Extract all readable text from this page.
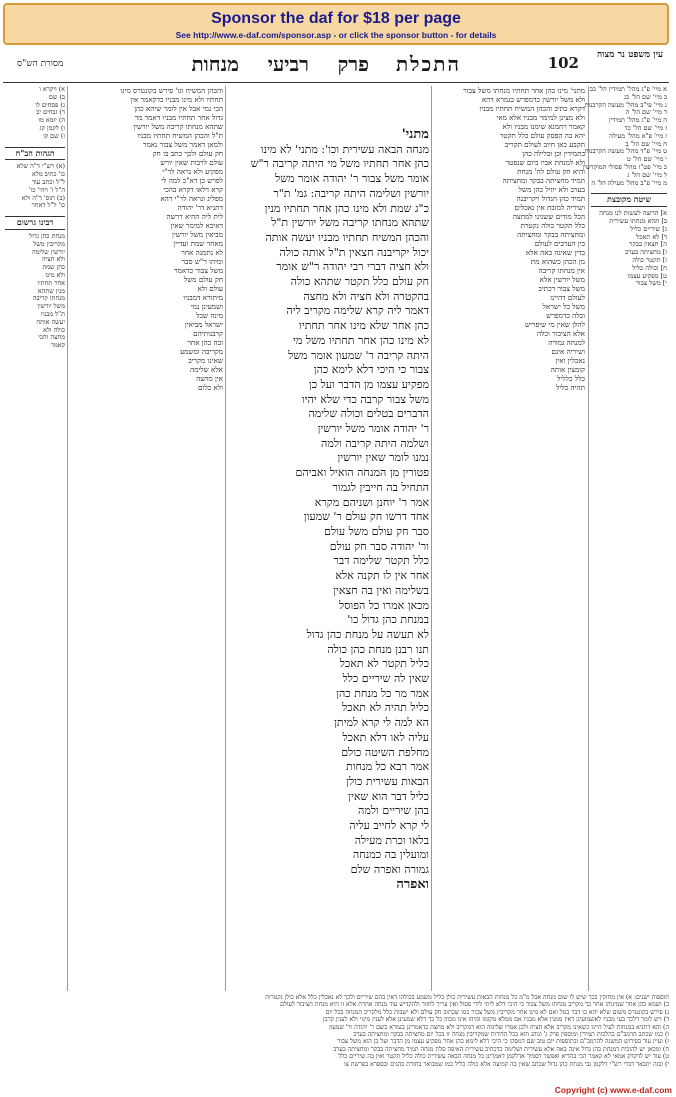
Sponsor the daf for $18 per page
See http://www.e-daf.com/sponsor.asp - or click the sponsor button - for details
עין משפט נר מצוה
102
התכלת
פרק
רביעי
מנחות
מסורת הש"ס
א מיי' פ"ג מהל' תמידין הל' כב
ב מיי' שם הל' כג
ג מיי' פי"ב מהל' מעשה הקרבנות
ד מיי' שם הל' ה
ה מיי' פ"ג מהל' תמידין
ו מיי' שם הל' כד
ז מיי' פ"א מהל' מעילה
ח מיי' שם הל' ב
ט מיי' פ"ד מהל' מעשה הקרבנות
י מיי' שם הל' ט
כ מיי' פט"ז מהל' פסולי המוקדשין
ל מיי' שם הל' ג
מ מיי' פ"ב מהל' מעילה הל' ה
שיטה מקובצת
א] הרוצה לעשות לנו מנחה
ב] תהא מנחתו עשירית
ג] שיריים כליל
ד] לא תאכל
ה] חצאין בבקר
ו] מחציתה בערב
ז] תקטר כולה
ח] וכולה כליל
ט] מפקיע עצמו
י] משל צבור
מתני' מינו כהן אחר תחתיו מנחתו משל צבור
ולא משל יורשין כדמפרש בגמרא דהא
דקרא כתיב והכהן המשיח תחתיו מבניו
ולא מצינן למימר מבניו אלא מאי
קאמר רחמנא שימנו מבניו ולא
יהא בה הפסק עולם כלל תקטר
תקבע כאן חיוב לעולם תקריב
בתמידין וכן ובלילה כהן
ולא למנחת אביו ביום שנפטר
והיא חק עולם לה' מנחת
תמיד מחציתה בבקר ומחציתה
בערב ולא יוזיל כהן משל
תמיד כהן הגדול ויקריבנה
ושיריה למזבח אין נאכלים
הכל מודים ששנינו למחצה
כלל תקטר כולה נקטרת
ומחציתה בבקר ומחציתה
בין הערבים לעולם
בדין שאינה באה אלא
מן הכהן כשהוא מת
אין מנחתו קריבה
משל יורשין אלא
משל צבור דכתיב
לעולם דהיינו
משל כל ישראל
וכלה כדמפרש
להלן שאין מי שיפריש
אלא הציבור וכלה
למנחה גמורה
ושיריה אינם
נאכלין ואין
קומצין אותה
כלל כלליל
תהיה כליל
מתני'
מנחה הבאה עשירית וכו': מתני' לא מינו
כהן אחר תחתיו משל מי היתה קריבה ר"ש
אומר משל צבור ר' יהודה אומר משל
יורשין ושלימה היתה קריבה: גמ' ת"ר
כ"ג שמת ולא מינו כהן אחר תחתיו מנין
שתהא מנחתו קריבה משל יורשין ת"ל
והכהן המשיח תחתיו מבניו יעשה אותה
יכול יקריבנה חצאין ת"ל אותה כולה
ולא חציה דברי רבי יהודה ר"ש אומר
חק עולם כלל תקטר שתהא כולה
בהקטרה ולא חציה ולא מחצה
דאמר ליה קרא שלימה מקריב ליה
כהן אחר שלא מינו אחר תחתיו
לא מינו כהן אחר תחתיו משל מי
היתה קריבה ר' שמעון אומר משל
צבור כי היכי דלא לימא כהן
מפקיע עצמו מן הדבר ועל כן
משל צבור קרבה כדי שלא יהיו
הדברים בטלים וכולה שלימה
ר' יהודה אומר משל יורשין
ושלמה היתה קריבה ולמה
נמנו לומר שאין יורשין
פטורין מן המנחה הואיל ואביהם
התחיל בה חייבין לגמור
אמר ר' יוחנן ושניהם מקרא
אחד דרשו חק עולם ר' שמעון
סבר חק עולם משל עולם
ור' יהודה סבר חק עולם
כלל תקטר שלימה דבר
אחר אין לו תקנה אלא
בשלימה ואין בה חצאין
מכאן אמרו כל הפוסל
במנחת כהן גדול כו'
לא תעשה על מנחת כהן גדול
תנו רבנן מנחת כהן כולה
כליל תקטר לא תאכל
שאין לה שיריים כלל
אמר מר כל מנחת כהן
כליל תהיה לא תאכל
הא למה לי קרא למיתן
עליה לאו דלא תאכל
מחלפת השיטה כולם
אמר רבא כל מנחות
הבאות עשירית כולן
כליל דבר הוא שאין
בהן שיריים ולמה
לי קרא לחייב עליה
בלאו וכרת מעילה
ומועלין בה כמנחה
גמורה ואפרה שלם
ואפרה
והכהן המשיח וגו' פירש בקונטרס מינו
תחתיו ולא מינו מבניו כדקאמר אין
הכי נמי אבל אין לומר שיהא כהן
גדול אחר תחתיו מבניו דאמר מר
שתהא מנחתו קריבה משל יורשין
ת"ל והכהן המשיח תחתיו מבניו
ולמאן דאמר משל צבור נאמר
חק עולם ולכך כתב בו חק
עולם לרבות שאין יורש
מפקיע ולא נראה לר"י
לפרש כן דא"כ למה לי
קרא דלאו דקרא בהכי
מפליג ונראה לר"י דהא
דתניא דר' יהודה
לית ליה ההיא דרשה
דאיכא למימר שאין
מביאין משל יורשין
מאחר שמת ועדיין
לא נתמנה אחר
ומיהו ר"ש סבר
משל צבור כדאמר
חק עולם משל
עולם ולא
מיתורא דמבניו
ושמעינן נמי
מינה שכל
ישראל מביאין
קרבנותיהם
ובה כהן אחר
מקריבה ומשמע
שאינו מקריב
אלא שלימה
אין מחצה
ולא כלום
א) ויקרא ו
ב) שם
ג) פסחים לו
ד) זבחים יב
ה) יומא מו
ו) לקמן קג
ז) שם קו
הגהות הב"ח
(א) רש"י ד"ה שלא
כו' כתיב מלא
ל"ל וכתב עוד
ה"ל ו' ויהי' כו'
(ב) תוס' ד"ה ולא
כו' ל"ל דאחר
רבינו גרשום
מנחת כהן גדול
מקריבין משל
יורשין שלימה
ולא חציה
כהן שמת
ולא מינו
אחר תחתיו
מנין שתהא
מנחתו קריבה
משל יורשין
ת"ל מבניו
יעשה אותה
כולה ולא
מחצה והכי
קאמר
תוספות ישנים: א) אין מחזקין בכך שיש לו שום מנחה אבל מ"מ כל מנחות הבאות עשירית כולן כליל משמע בכולהו דאין בהם שיריים ולכך לא נאכלין כלל אלא כולן נקטרות
ב) ושמא כהן אחר שמינוהו אחר כך מקריב מנחתו משל צבור כי היכי דלא ליתי לידי פסול ואין צריך לחזור ולהקדיש עוד מנחה אחרת אלא זו היא מנחת הציבור לעולם
ג) פירש בקונטרס משום שלא יהא בו דבר בטל ואם לא מינו אחר מקריבין משל צבור כמו שכתוב חק עולם ולא ישבות כלל מלקריב המנחה בכל יום
ד) ויש לומר דלכך בעי מבניו לאשמועינן דאין ממנין אלא מבניו אם ממלא מקומו ומיהו אינו מכוון כל כך דלא שמעינן אלא לענין מינוי ולא לענין קרבן
ה) והא דתניא במנחות לעיל היינו כשאינו מקריב אלא חציה ולכן אמרו שלימה הוא דמקריב ולא מחצה כדאמרינן בגמרא בשם ר' יהודה ור' שמעון
ו) כמו שכתב הרמב"ם בהלכות תמידין ומוספין פרק ג' ונוהג הוא בכל הדורות שמקריבין מנחה זו בכל יום מחציתה בבקר ומחציתה בערב
ז) ועיין עוד בפירוש המשנה להרמב"ם ובתוספות יום טוב שם דמסקו כי היכי דלא לימא כהן אחר מפקיע עצמו מן הדבר ועל כן הוא משל צבור
ח) ומכאן יש להוכיח דמנחת כהן גדול אינה באה אלא עשירית ושלימה כדכתיב עשירית האיפה סלת מנחה תמיד מחציתה בבקר ומחציתה בערב
ט) עוד יש לדקדק אמאי לא קאמר הכי בהדיא ואפשר דסמיך אדלקמן דאמרינן כל מנחה הבאה עשירית כולה כליל תקטר ואין בה שיריים כלל
י) ובזה יתבאר דברי רש"י דלקמן גבי מנחת כהן גדול שכתב שאין בה קמיצה אלא כולה כליל כמו שמבואר בתורת כהנים ובספרא בפרשת צו
Copyright (c) www.e-daf.com
